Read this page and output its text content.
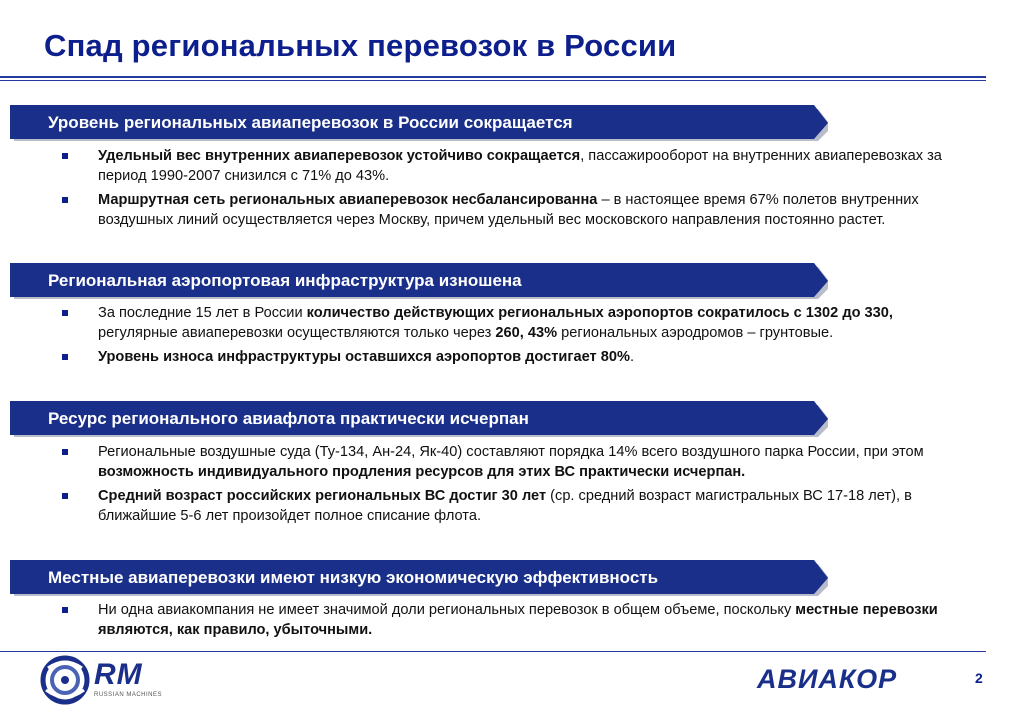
Спад региональных перевозок в России
Уровень региональных авиаперевозок в России сокращается
Удельный вес внутренних авиаперевозок устойчиво сокращается, пассажирооборот на внутренних авиаперевозках за период 1990-2007 снизился с 71% до 43%.
Маршрутная сеть региональных авиаперевозок несбалансированна – в настоящее время 67% полетов внутренних воздушных линий осуществляется через Москву, причем удельный вес московского направления постоянно растет.
Региональная аэропортовая инфраструктура изношена
За последние 15 лет в России количество действующих региональных аэропортов сократилось с 1302 до 330, регулярные авиаперевозки осуществляются только через 260, 43% региональных аэродромов – грунтовые.
Уровень износа инфраструктуры оставшихся аэропортов достигает 80%.
Ресурс регионального авиафлота практически исчерпан
Региональные воздушные суда (Ту-134, Ан-24, Як-40) составляют порядка 14% всего воздушного парка России, при этом возможность индивидуального продления ресурсов для этих ВС практически исчерпан.
Средний возраст российских региональных ВС достиг 30 лет (ср. средний возраст магистральных ВС 17-18 лет), в ближайшие 5-6 лет произойдет полное списание флота.
Местные авиаперевозки имеют низкую экономическую эффективность
Ни одна авиакомпания не имеет значимой доли региональных перевозок в общем объеме, поскольку местные перевозки являются, как правило, убыточными.
RM
RUSSIAN MACHINES
АВИАКОР	2
